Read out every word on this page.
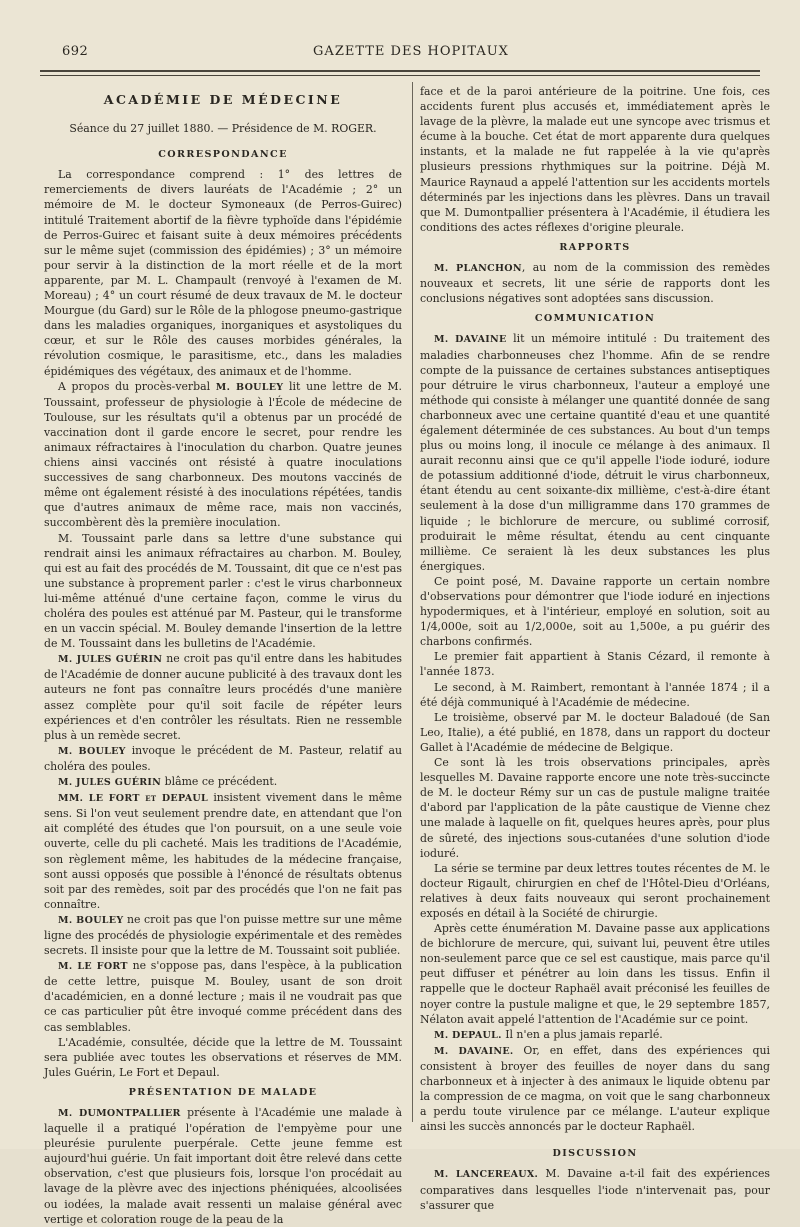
692	GAZETTE DES HOPITAUX
ACADÉMIE DE MÉDECINE

Séance du 27 juillet 1880. — Présidence de M. ROGER.

CORRESPONDANCE

La correspondance comprend : 1° des lettres de remerciements de divers lauréats de l'Académie ; 2° un mémoire de M. le docteur Symoneaux (de Perros-Guirec) intitulé Traitement abortif de la fièvre typhoïde dans l'épidémie de Perros-Guirec et faisant suite à deux mémoires précédents sur le même sujet (commission des épidémies) ; 3° un mémoire pour servir à la distinction de la mort réelle et de la mort apparente, par M. L. Champault (renvoyé à l'examen de M. Moreau) ; 4° un court résumé de deux travaux de M. le docteur Mourgue (du Gard) sur le Rôle de la phlogose pneumo-gastrique dans les maladies organiques, inorganiques et asystoliques du cœur, et sur le Rôle des causes morbides générales, la révolution cosmique, le parasitisme, etc., dans les maladies épidémiques des végétaux, des animaux et de l'homme.

A propos du procès-verbal M. BOULEY lit une lettre de M. Toussaint, professeur de physiologie à l'École de médecine de Toulouse, sur les résultats qu'il a obtenus par un procédé de vaccination dont il garde encore le secret, pour rendre les animaux réfractaires à l'inoculation du charbon. Quatre jeunes chiens ainsi vaccinés ont résisté à quatre inoculations successives de sang charbonneux. Des moutons vaccinés de même ont également résisté à des inoculations répétées, tandis que d'autres animaux de même race, mais non vaccinés, succombèrent dès la première inoculation.

M. Toussaint parle dans sa lettre d'une substance qui rendrait ainsi les animaux réfractaires au charbon. M. Bouley, qui est au fait des procédés de M. Toussaint, dit que ce n'est pas une substance à proprement parler : c'est le virus charbonneux lui-même atténué d'une certaine façon, comme le virus du choléra des poules est atténué par M. Pasteur, qui le transforme en un vaccin spécial. M. Bouley demande l'insertion de la lettre de M. Toussaint dans les bulletins de l'Académie.

M. JULES GUÉRIN ne croit pas qu'il entre dans les habitudes de l'Académie de donner aucune publicité à des travaux dont les auteurs ne font pas connaître leurs procédés d'une manière assez complète pour qu'il soit facile de répéter leurs expériences et d'en contrôler les résultats. Rien ne ressemble plus à un remède secret.

M. BOULEY invoque le précédent de M. Pasteur, relatif au choléra des poules.

M. JULES GUÉRIN blâme ce précédent.

MM. LE FORT et DEPAUL insistent vivement dans le même sens. Si l'on veut seulement prendre date, en attendant que l'on ait complété des études que l'on poursuit, on a une seule voie ouverte, celle du pli cacheté. Mais les traditions de l'Académie, son règlement même, les habitudes de la médecine française, sont aussi opposés que possible à l'énoncé de résultats obtenus soit par des remèdes, soit par des procédés que l'on ne fait pas connaître.

M. BOULEY ne croit pas que l'on puisse mettre sur une même ligne des procédés de physiologie expérimentale et des remèdes secrets. Il insiste pour que la lettre de M. Toussaint soit publiée.

M. LE FORT ne s'oppose pas, dans l'espèce, à la publication de cette lettre, puisque M. Bouley, usant de son droit d'académicien, en a donné lecture ; mais il ne voudrait pas que ce cas particulier pût être invoqué comme précédent dans des cas semblables.

L'Académie, consultée, décide que la lettre de M. Toussaint sera publiée avec toutes les observations et réserves de MM. Jules Guérin, Le Fort et Depaul.

PRÉSENTATION DE MALADE

M. DUMONTPALLIER présente à l'Académie une malade à laquelle il a pratiqué l'opération de l'empyème pour une pleurésie purulente puerpérale. Cette jeune femme est aujourd'hui guérie. Un fait important doit être relevé dans cette observation, c'est que plusieurs fois, lorsque l'on procédait au lavage de la plèvre avec des injections phéniquées, alcoolisées ou iodées, la malade avait ressenti un malaise général avec vertige et coloration rouge de la peau de la

face et de la paroi antérieure de la poitrine. Une fois, ces accidents furent plus accusés et, immédiatement après le lavage de la plèvre, la malade eut une syncope avec trismus et écume à la bouche. Cet état de mort apparente dura quelques instants, et la malade ne fut rappelée à la vie qu'après plusieurs pressions rhythmiques sur la poitrine. Déjà M. Maurice Raynaud a appelé l'attention sur les accidents mortels déterminés par les injections dans les plèvres. Dans un travail que M. Dumontpallier présentera à l'Académie, il étudiera les conditions des actes réflexes d'origine pleurale.

RAPPORTS

M. PLANCHON, au nom de la commission des remèdes nouveaux et secrets, lit une série de rapports dont les conclusions négatives sont adoptées sans discussion.

COMMUNICATION

M. DAVAINE lit un mémoire intitulé : Du traitement des maladies charbonneuses chez l'homme. Afin de se rendre compte de la puissance de certaines substances antiseptiques pour détruire le virus charbonneux, l'auteur a employé une méthode qui consiste à mélanger une quantité donnée de sang charbonneux avec une certaine quantité d'eau et une quantité également déterminée de ces substances. Au bout d'un temps plus ou moins long, il inocule ce mélange à des animaux. Il aurait reconnu ainsi que ce qu'il appelle l'iode ioduré, iodure de potassium additionné d'iode, détruit le virus charbonneux, étant étendu au cent soixante-dix millième, c'est-à-dire étant seulement à la dose d'un milligramme dans 170 grammes de liquide ; le bichlorure de mercure, ou sublimé corrosif, produirait le même résultat, étendu au cent cinquante millième. Ce seraient là les deux substances les plus énergiques.

Ce point posé, M. Davaine rapporte un certain nombre d'observations pour démontrer que l'iode ioduré en injections hypodermiques, et à l'intérieur, employé en solution, soit au 1/4,000e, soit au 1/2,000e, soit au 1,500e, a pu guérir des charbons confirmés.

Le premier fait appartient à Stanis Cézard, il remonte à l'année 1873.

Le second, à M. Raimbert, remontant à l'année 1874 ; il a été déjà communiqué à l'Académie de médecine.

Le troisième, observé par M. le docteur Baladoué (de San Leo, Italie), a été publié, en 1878, dans un rapport du docteur Gallet à l'Académie de médecine de Belgique.

Ce sont là les trois observations principales, après lesquelles M. Davaine rapporte encore une note très-succincte de M. le docteur Rémy sur un cas de pustule maligne traitée d'abord par l'application de la pâte caustique de Vienne chez une malade à laquelle on fit, quelques heures après, pour plus de sûreté, des injections sous-cutanées d'une solution d'iode ioduré.

La série se termine par deux lettres toutes récentes de M. le docteur Rigault, chirurgien en chef de l'Hôtel-Dieu d'Orléans, relatives à deux faits nouveaux qui seront prochainement exposés en détail à la Société de chirurgie.

Après cette énumération M. Davaine passe aux applications de bichlorure de mercure, qui, suivant lui, peuvent être utiles non-seulement parce que ce sel est caustique, mais parce qu'il peut diffuser et pénétrer au loin dans les tissus. Enfin il rappelle que le docteur Raphaël avait préconisé les feuilles de noyer contre la pustule maligne et que, le 29 septembre 1857, Nélaton avait appelé l'attention de l'Académie sur ce point.

M. DEPAUL. Il n'en a plus jamais reparlé.

M. DAVAINE. Or, en effet, dans des expériences qui consistent à broyer des feuilles de noyer dans du sang charbonneux et à injecter à des animaux le liquide obtenu par la compression de ce magma, on voit que le sang charbonneux a perdu toute virulence par ce mélange. L'auteur explique ainsi les succès annoncés par le docteur Raphaël.

DISCUSSION

M. LANCEREAUX. M. Davaine a-t-il fait des expériences comparatives dans lesquelles l'iode n'intervenait pas, pour s'assurer que
